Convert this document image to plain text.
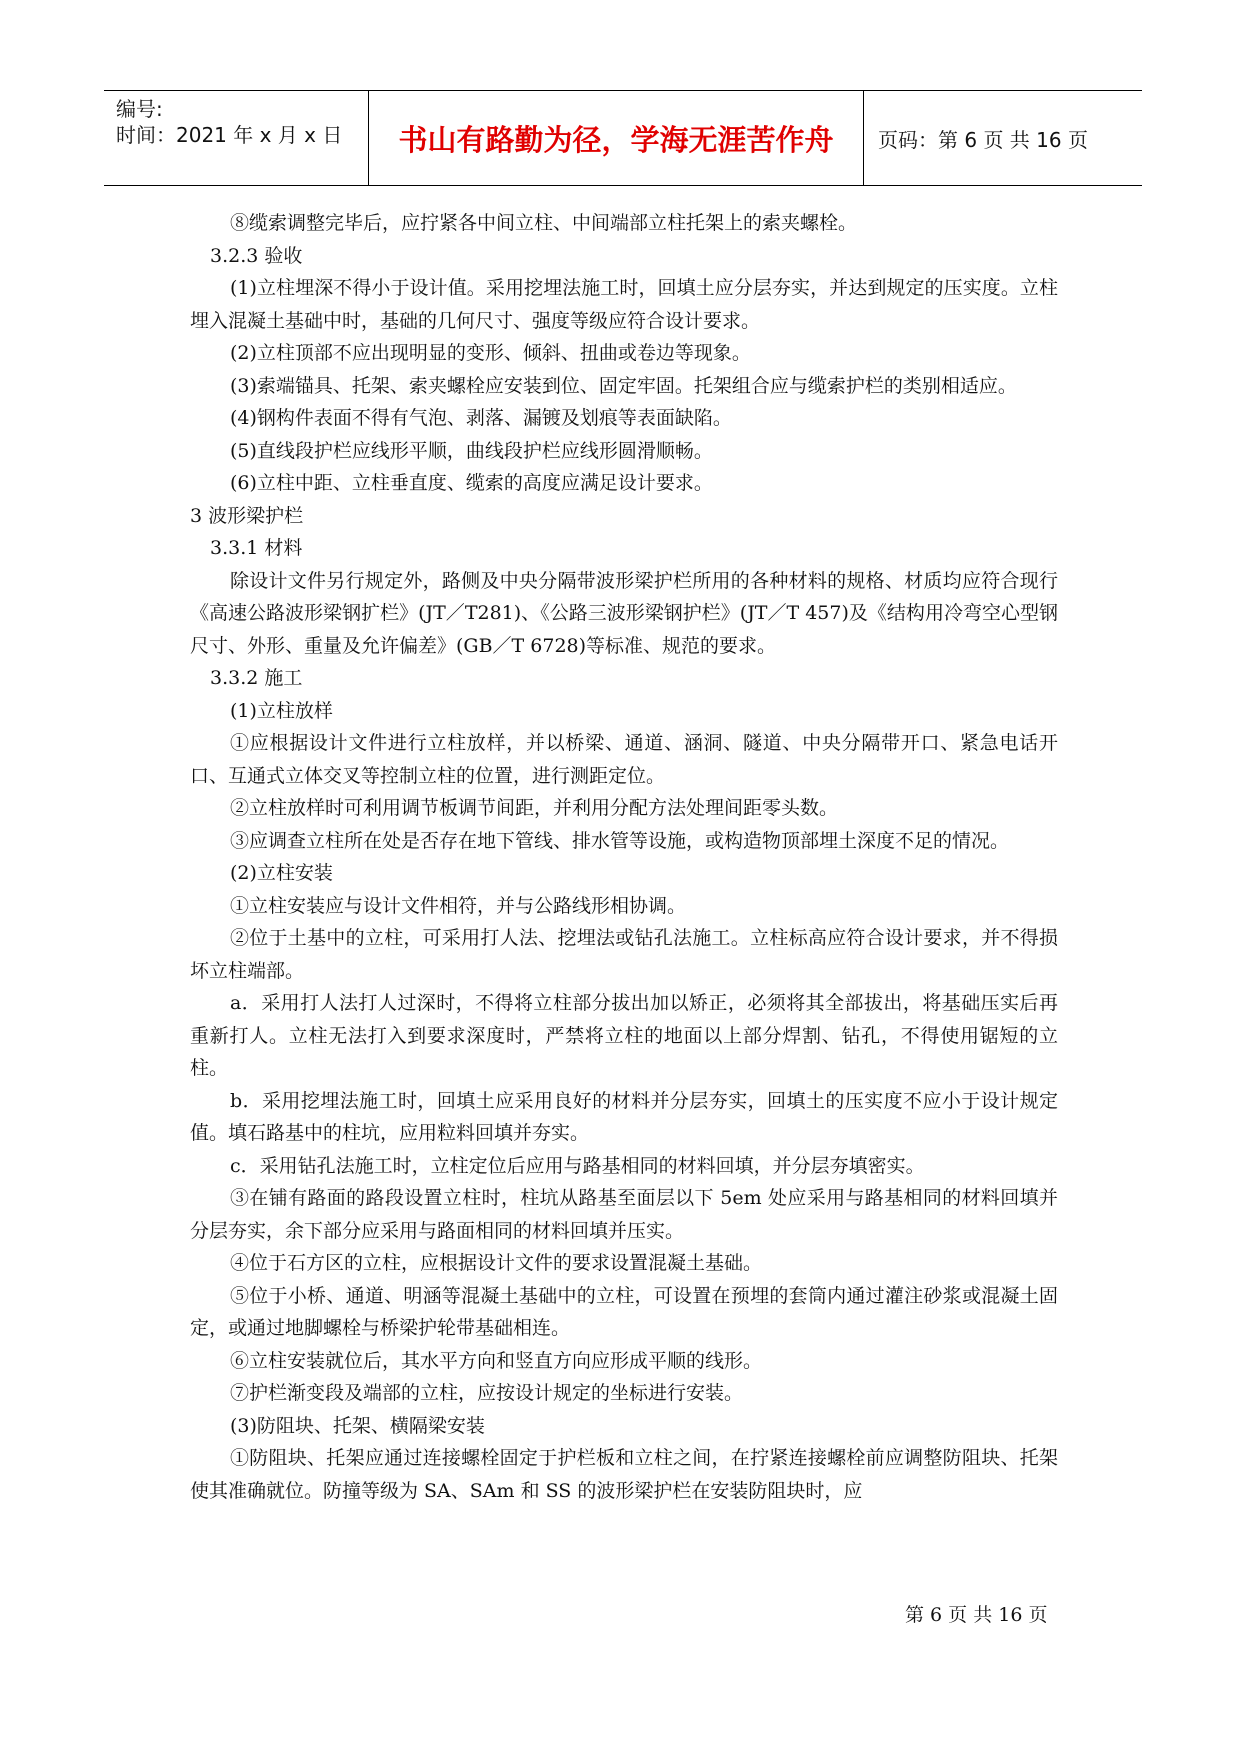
编号:
时间：2021 年 x 月 x 日 书山有路勤为径，学海无涯苦作舟 页码：第 6 页 共 16 页

⑧缆索调整完毕后，应拧紧各中间立柱、中间端部立柱托架上的索夹螺栓。

3.2.3 验收

(1)立柱埋深不得小于设计值。采用挖埋法施工时，回填土应分层夯实，并达到规定的压实度。立柱埋入混凝土基础中时，基础的几何尺寸、强度等级应符合设计要求。

(2)立柱顶部不应出现明显的变形、倾斜、扭曲或卷边等现象。

(3)索端锚具、托架、索夹螺栓应安装到位、固定牢固。托架组合应与缆索护栏的类别相适应。

(4)钢构件表面不得有气泡、剥落、漏镀及划痕等表面缺陷。

(5)直线段护栏应线形平顺，曲线段护栏应线形圆滑顺畅。

(6)立柱中距、立柱垂直度、缆索的高度应满足设计要求。

3 波形梁护栏

3.3.1 材料

除设计文件另行规定外，路侧及中央分隔带波形梁护栏所用的各种材料的规格、材质均应符合现行《高速公路波形梁钢扩栏》(JT／T281)、《公路三波形梁钢护栏》(JT／T 457)及《结构用冷弯空心型钢尺寸、外形、重量及允许偏差》(GB／T 6728)等标准、规范的要求。

3.3.2 施工

(1)立柱放样

①应根据设计文件进行立柱放样，并以桥梁、通道、涵洞、隧道、中央分隔带开口、紧急电话开口、互通式立体交叉等控制立柱的位置，进行测距定位。

②立柱放样时可利用调节板调节间距，并利用分配方法处理间距零头数。

③应调查立柱所在处是否存在地下管线、排水管等设施，或构造物顶部埋土深度不足的情况。

(2)立柱安装

①立柱安装应与设计文件相符，并与公路线形相协调。

②位于土基中的立柱，可采用打人法、挖埋法或钻孔法施工。立柱标高应符合设计要求，并不得损坏立柱端部。

a．采用打人法打人过深时，不得将立柱部分拔出加以矫正，必须将其全部拔出，将基础压实后再重新打人。立柱无法打入到要求深度时，严禁将立柱的地面以上部分焊割、钻孔，不得使用锯短的立柱。

b．采用挖埋法施工时，回填土应采用良好的材料并分层夯实，回填土的压实度不应小于设计规定值。填石路基中的柱坑，应用粒料回填并夯实。

c．采用钻孔法施工时，立柱定位后应用与路基相同的材料回填，并分层夯填密实。

③在铺有路面的路段设置立柱时，柱坑从路基至面层以下 5em 处应采用与路基相同的材料回填并分层夯实，余下部分应采用与路面相同的材料回填并压实。

④位于石方区的立柱，应根据设计文件的要求设置混凝土基础。

⑤位于小桥、通道、明涵等混凝土基础中的立柱，可设置在预埋的套筒内通过灌注砂浆或混凝土固定，或通过地脚螺栓与桥梁护轮带基础相连。

⑥立柱安装就位后，其水平方向和竖直方向应形成平顺的线形。

⑦护栏渐变段及端部的立柱，应按设计规定的坐标进行安装。

(3)防阻块、托架、横隔梁安装

①防阻块、托架应通过连接螺栓固定于护栏板和立柱之间，在拧紧连接螺栓前应调整防阻块、托架使其准确就位。防撞等级为 SA、SAm 和 SS 的波形梁护栏在安装防阻块时，应

第 6 页 共 16 页
